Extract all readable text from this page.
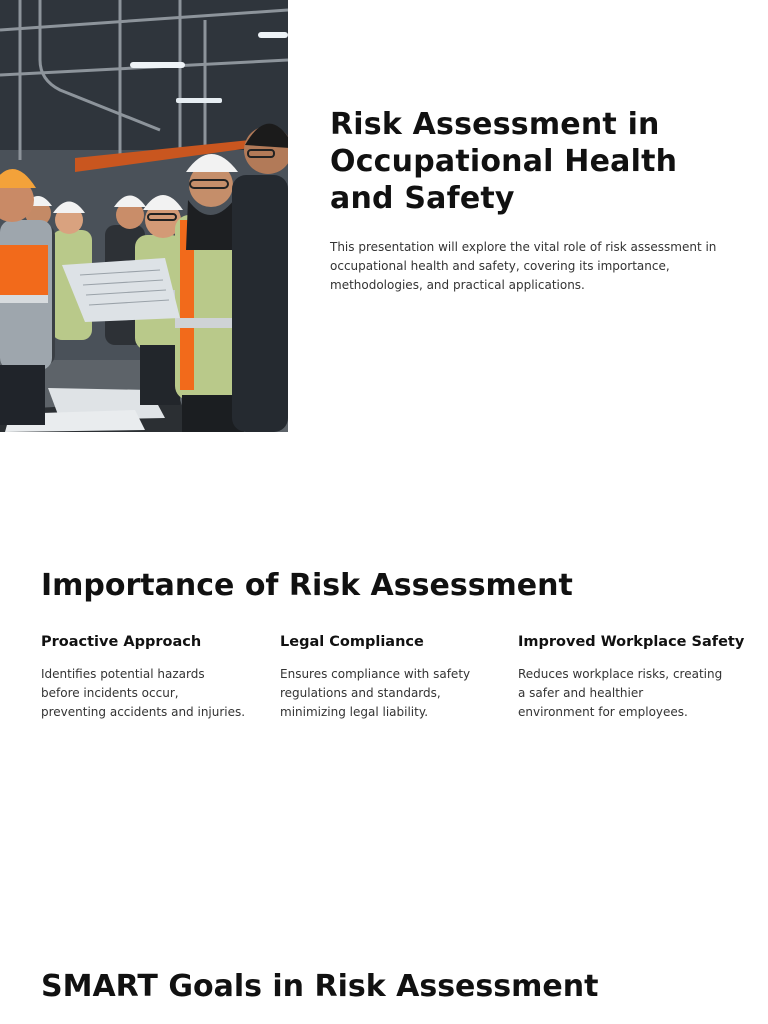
Risk Assessment in Occupational Health and Safety

This presentation will explore the vital role of risk assessment in occupational health and safety, covering its importance, methodologies, and practical applications.

Importance of Risk Assessment
Proactive Approach

Identifies potential hazards before incidents occur, preventing accidents and injuries.

Legal Compliance

Ensures compliance with safety regulations and standards, minimizing legal liability.

Improved Workplace Safety

Reduces workplace risks, creating a safer and healthier environment for employees.

SMART Goals in Risk Assessment
